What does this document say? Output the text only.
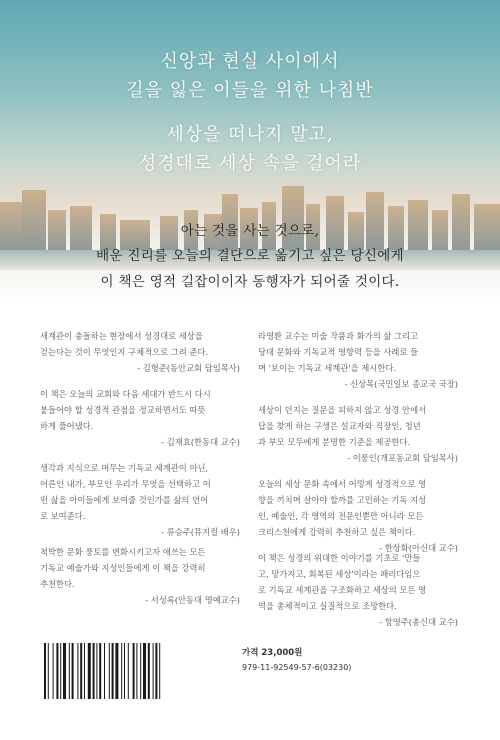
신앙과 현실 사이에서
길을 잃은 이들을 위한 나침반
세상을 떠나지 말고,
성경대로 세상 속을 걸어라
아는 것을 사는 것으로,
배운 진리를 오늘의 결단으로 옮기고 싶은 당신에게
이 책은 영적 길잡이이자 동행자가 되어줄 것이다.

세계관이 충돌하는 현장에서 성경대로 세상을
걷는다는 것이 무엇인지 구체적으로 그려 준다.

- 김형준(동안교회 담임목사)

이 책은 오늘의 교회와 다음 세대가 반드시 다시
붙들어야 할 성경적 관점을 정교하면서도 따뜻
하게 풀어냈다.

- 김재효(한동대 교수)

생각과 지식으로 머무는 기독교 세계관이 아닌,
어른인 내가, 부모인 우리가 무엇을 선택하고 어
떤 삶을 아이들에게 보여줄 것인가를 삶의 언어
로 보여준다.

- 류승주(뮤지컬 배우)

척박한 문화 풍토를 변화시키고자 애쓰는 모든
기독교 예술가와 지성인들에게 이 책을 강력히
추천한다.

- 서성록(안동대 명예교수)

라영환 교수는 미술 작품과 화가의 삶 그리고
당대 문화와 기독교적 영향력 등을 사례로 들
며 '보이는 기독교 세계관'을 제시한다.

- 신상목(국민일보 종교국 국장)

세상이 던지는 질문을 피하지 않고 성경 안에서
답을 찾게 하는 구생은 설교자와 직장인, 청년
과 부모 모두에게 분명한 기준을 제공한다.

- 이풍인(개포동교회 담임목사)

오늘의 세상 문화 속에서 어떻게 성경적으로 영
향을 끼치며 살아야 할까를 고민하는 기독 지성
인, 예술인, 각 영역의 전문인뿐만 아니라 모든
크리스천에게 강력히 추천하고 싶은 책이다.

- 한상화(아신대 교수)

이 책은 성경의 위대한 이야기를 기초로 '만들
고, 망가지고, 회복된 세상'이라는 패러다임으
로 기독교 세계관을 구조화하고 세상의 모든 영
역을 총체적이고 실질적으로 조망한다.

- 함영주(총신대 교수)
가격 23,000원
979-11-92549-57-6(03230)
